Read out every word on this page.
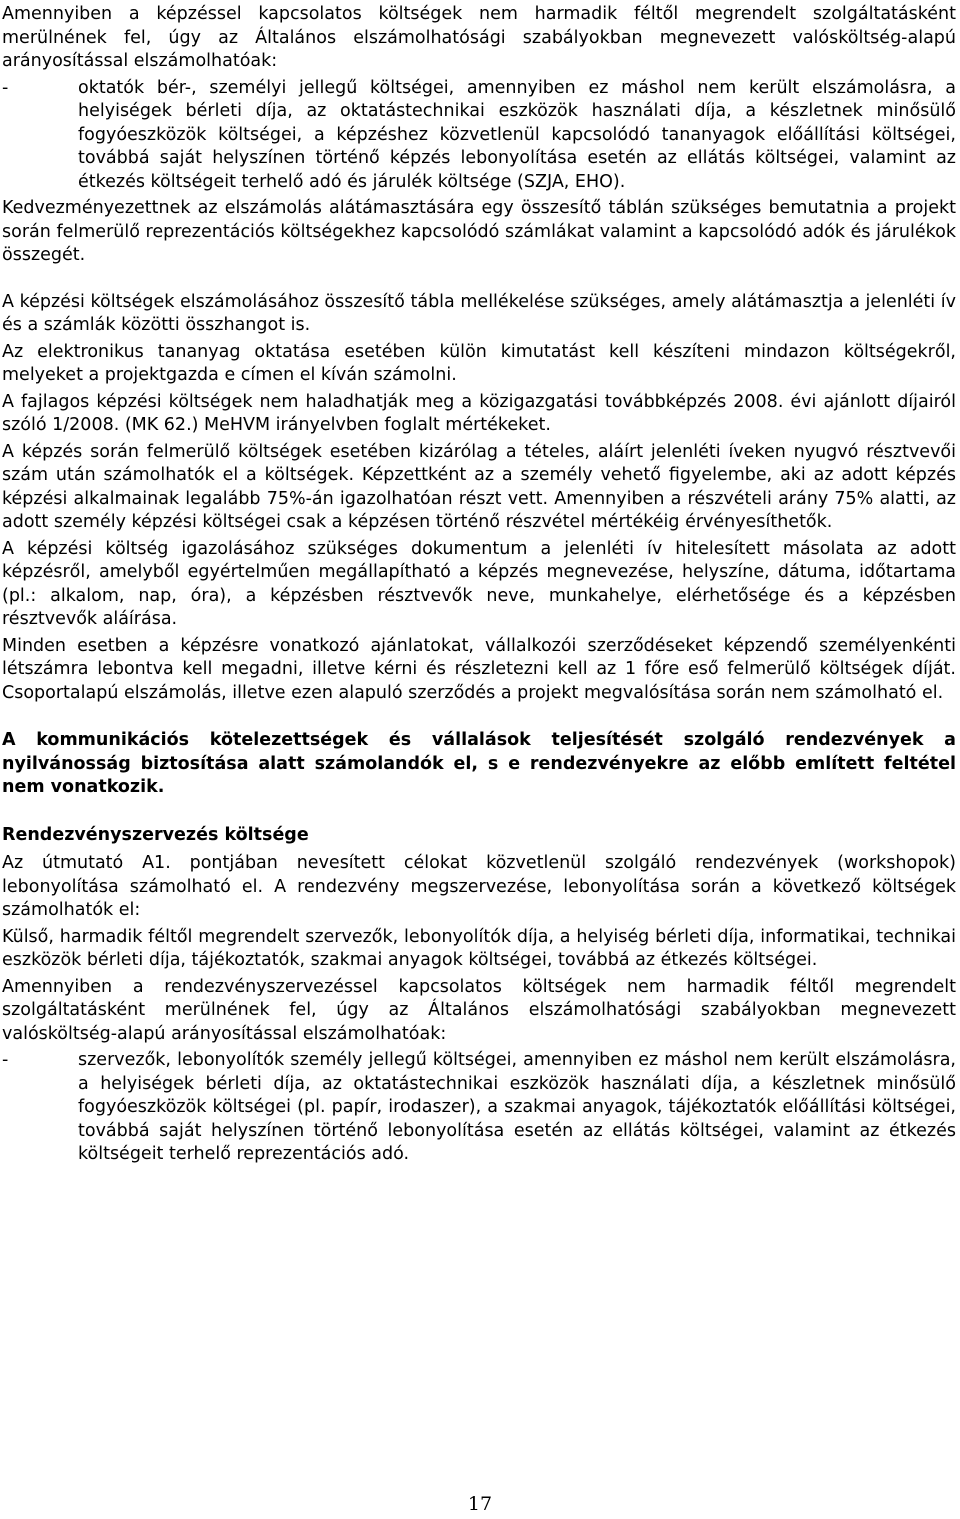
Amennyiben a képzéssel kapcsolatos költségek nem harmadik féltől megrendelt szolgáltatásként merülnének fel, úgy az Általános elszámolhatósági szabályokban megnevezett valósköltség-alapú arányosítással elszámolhatóak:

-	oktatók bér-, személyi jellegű költségei, amennyiben ez máshol nem került elszámolásra, a helyiségek bérleti díja, az oktatástechnikai eszközök használati díja, a készletnek minősülő fogyóeszközök költségei, a képzéshez közvetlenül kapcsolódó tananyagok előállítási költségei, továbbá saját helyszínen történő képzés lebonyolítása esetén az ellátás költségei, valamint az étkezés költségeit terhelő adó és járulék költsége (SZJA, EHO).

Kedvezményezettnek az elszámolás alátámasztására egy összesítő táblán szükséges bemutatnia a projekt során felmerülő reprezentációs költségekhez kapcsolódó számlákat valamint a kapcsolódó adók és járulékok összegét.

A képzési költségek elszámolásához összesítő tábla mellékelése szükséges, amely alátámasztja a jelenléti ív és a számlák közötti összhangot is.

Az elektronikus tananyag oktatása esetében külön kimutatást kell készíteni mindazon költségekről, melyeket a projektgazda e címen el kíván számolni.

A fajlagos képzési költségek nem haladhatják meg a közigazgatási továbbképzés 2008. évi ajánlott díjairól szóló 1/2008. (MK 62.) MeHVM irányelvben foglalt mértékeket.

A képzés során felmerülő költségek esetében kizárólag a tételes, aláírt jelenléti íveken nyugvó résztvevői szám után számolhatók el a költségek. Képzettként az a személy vehető figyelembe, aki az adott képzés képzési alkalmainak legalább 75%-án igazolhatóan részt vett. Amennyiben a részvételi arány 75% alatti, az adott személy képzési költségei csak a képzésen történő részvétel mértékéig érvényesíthetők.

A képzési költség igazolásához szükséges dokumentum a jelenléti ív hitelesített másolata az adott képzésről, amelyből egyértelműen megállapítható a képzés megnevezése, helyszíne, dátuma, időtartama (pl.: alkalom, nap, óra), a képzésben résztvevők neve, munkahelye, elérhetősége és a képzésben résztvevők aláírása.

Minden esetben a képzésre vonatkozó ajánlatokat, vállalkozói szerződéseket képzendő személyenkénti létszámra lebontva kell megadni, illetve kérni és részletezni kell az 1 főre eső felmerülő költségek díját. Csoportalapú elszámolás, illetve ezen alapuló szerződés a projekt megvalósítása során nem számolható el.

A kommunikációs kötelezettségek és vállalások teljesítését szolgáló rendezvények a nyilvánosság biztosítása alatt számolandók el, s e rendezvényekre az előbb említett feltétel nem vonatkozik.

Rendezvényszervezés költsége

Az útmutató A1. pontjában nevesített célokat közvetlenül szolgáló rendezvények (workshopok) lebonyolítása számolható el. A rendezvény megszervezése, lebonyolítása során a következő költségek számolhatók el:

Külső, harmadik féltől megrendelt szervezők, lebonyolítók díja, a helyiség bérleti díja, informatikai, technikai eszközök bérleti díja, tájékoztatók, szakmai anyagok költségei, továbbá az étkezés költségei.

Amennyiben a rendezvényszervezéssel kapcsolatos költségek nem harmadik féltől megrendelt szolgáltatásként merülnének fel, úgy az Általános elszámolhatósági szabályokban megnevezett valósköltség-alapú arányosítással elszámolhatóak:

-	szervezők, lebonyolítók személy jellegű költségei, amennyiben ez máshol nem került elszámolásra, a helyiségek bérleti díja, az oktatástechnikai eszközök használati díja, a készletnek minősülő fogyóeszközök költségei (pl. papír, irodaszer), a szakmai anyagok, tájékoztatók előállítási költségei, továbbá saját helyszínen történő lebonyolítása esetén az ellátás költségei, valamint az étkezés költségeit terhelő reprezentációs adó.
17
